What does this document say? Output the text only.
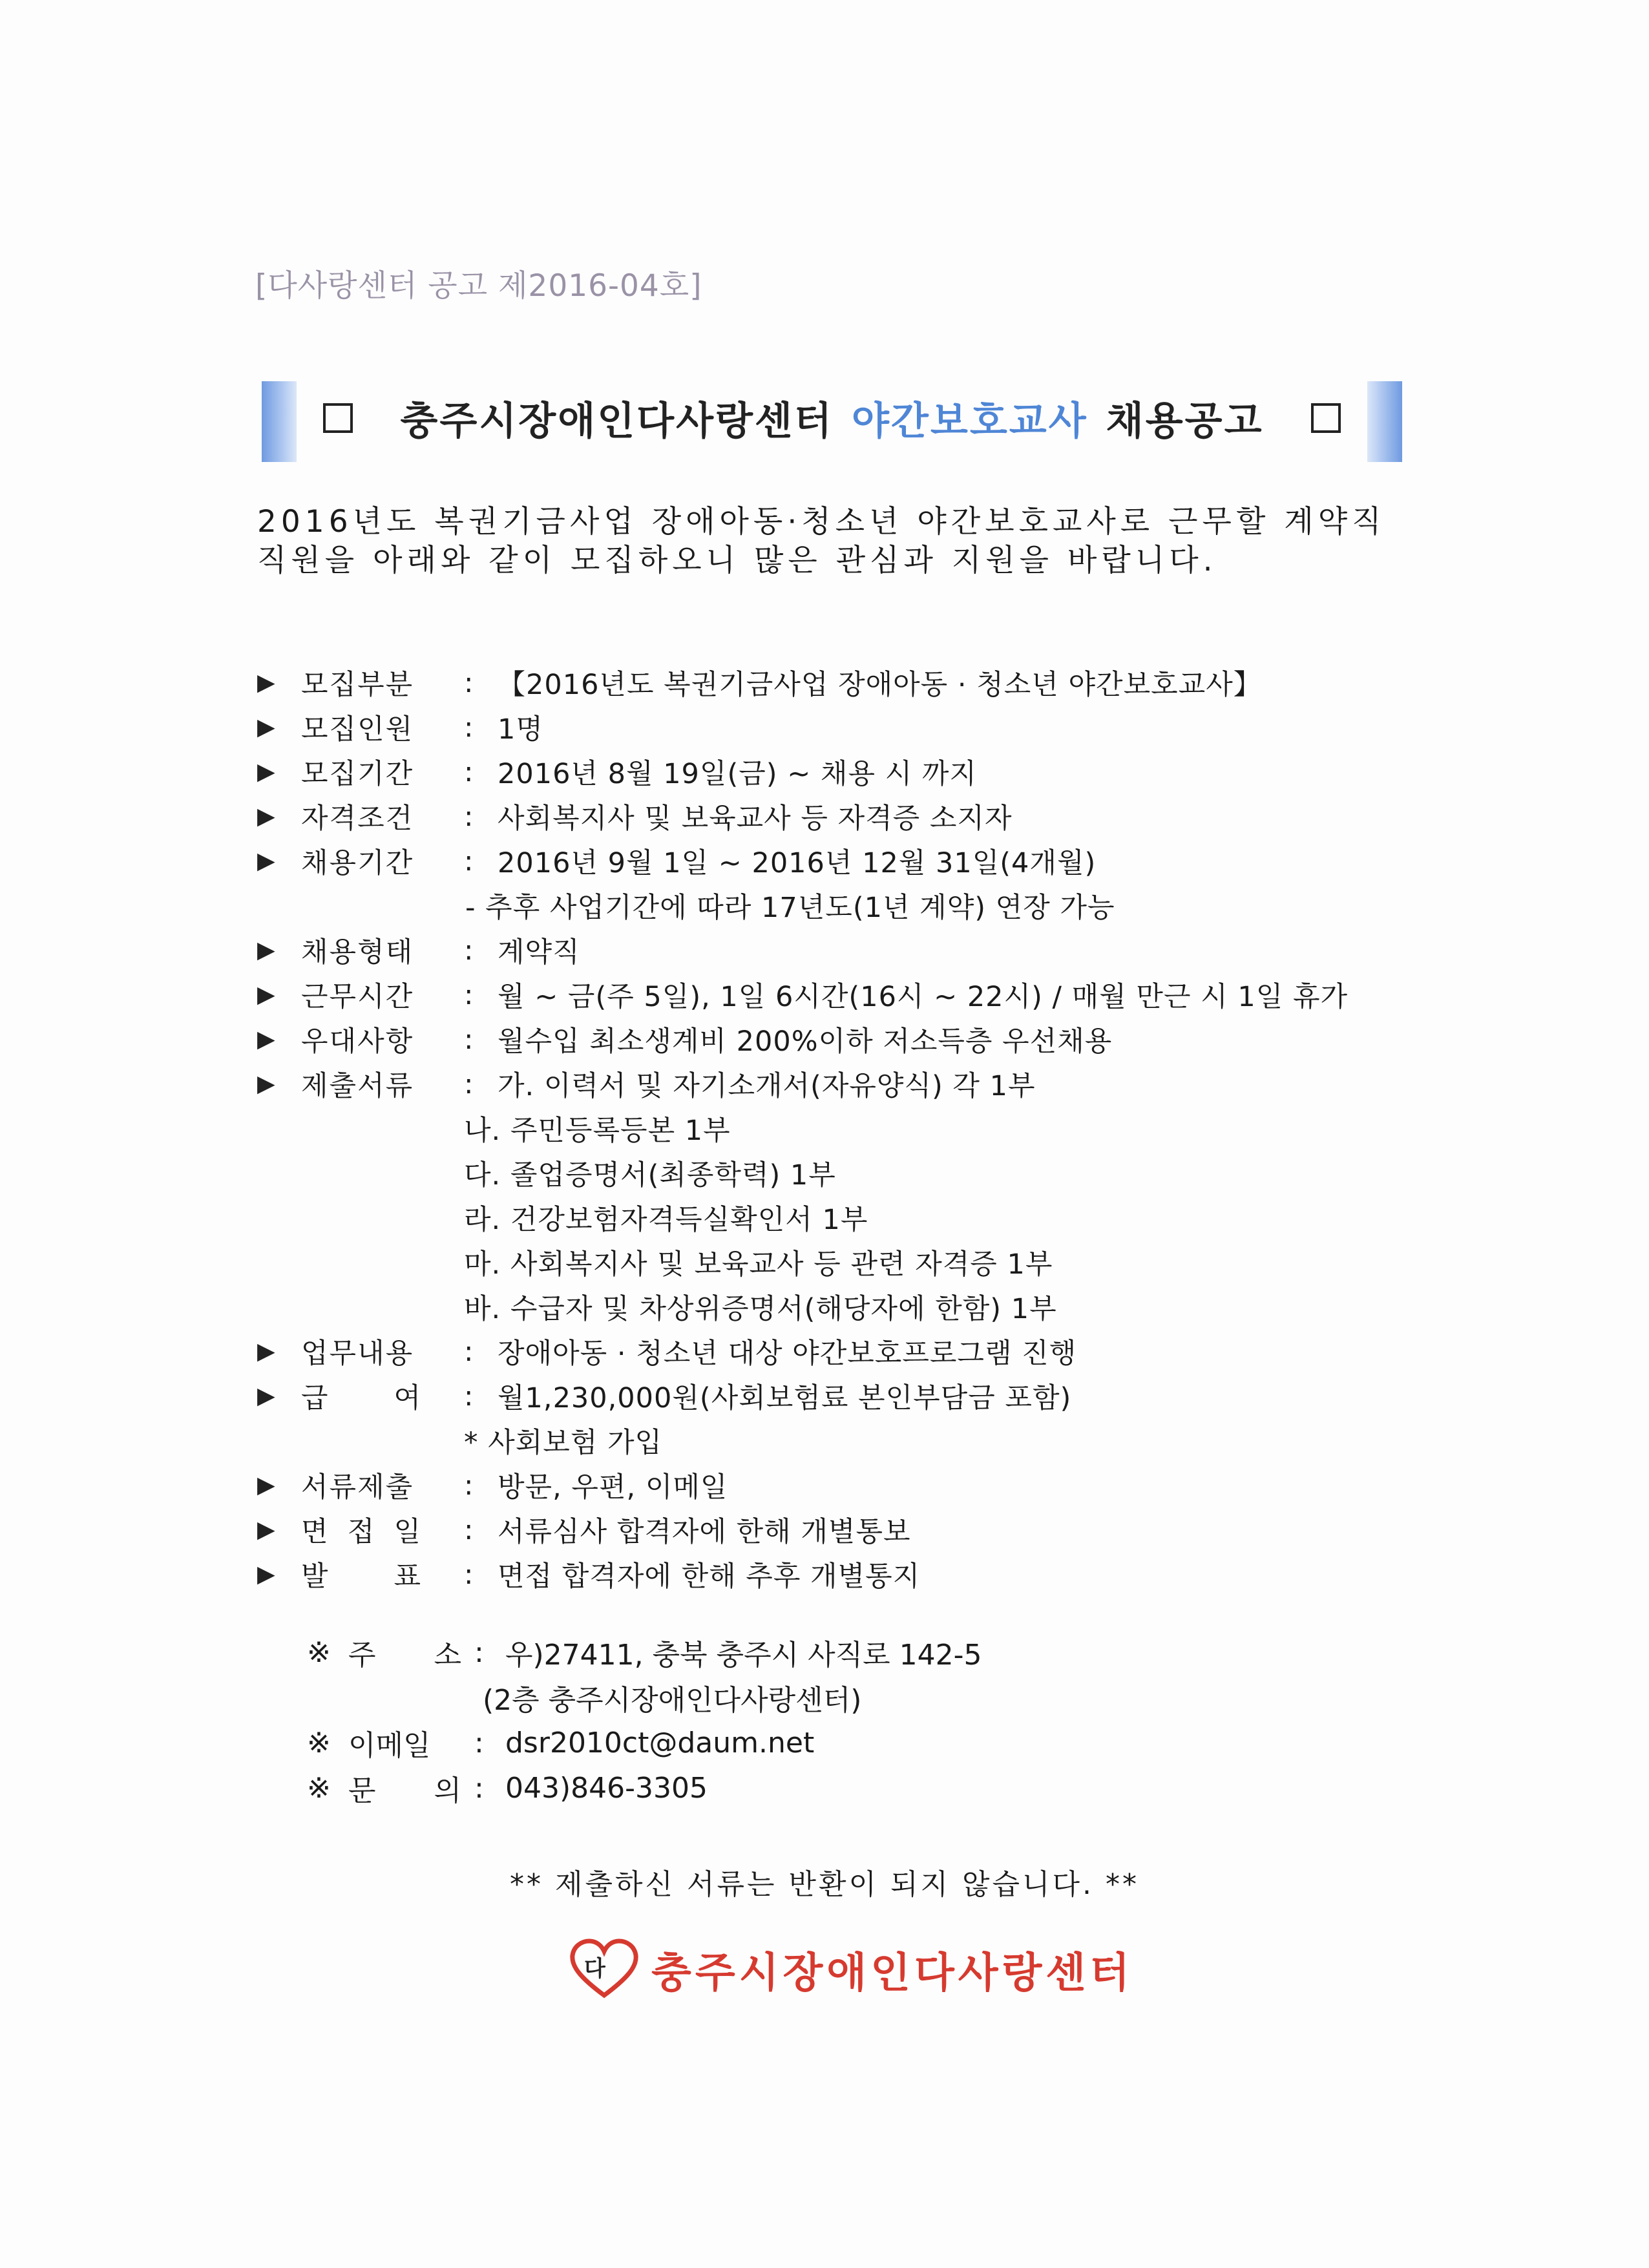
[다사랑센터 공고 제2016-04호]
충주시장애인다사랑센터 야간보호교사 채용공고
2016년도 복권기금사업 장애아동·청소년 야간보호교사로 근무할 계약직
직원을 아래와 같이 모집하오니 많은 관심과 지원을 바랍니다.
▶ 모집부분	: 【2016년도 복권기금사업 장애아동 · 청소년 야간보호교사】
▶ 모집인원	: 1명
▶ 모집기간	: 2016년 8월 19일(금) ~ 채용 시 까지
▶ 자격조건	: 사회복지사 및 보육교사 등 자격증 소지자
▶ 채용기간	: 2016년 9월 1일 ~ 2016년 12월 31일(4개월)
- 추후 사업기간에 따라 17년도(1년 계약) 연장 가능
▶ 채용형태	: 계약직
▶ 근무시간	: 월 ~ 금(주 5일), 1일 6시간(16시 ~ 22시) / 매월 만근 시 1일 휴가
▶ 우대사항	: 월수입 최소생계비 200%이하 저소득층 우선채용
▶ 제출서류	: 가. 이력서 및 자기소개서(자유양식) 각 1부
나. 주민등록등본 1부
다. 졸업증명서(최종학력) 1부
라. 건강보험자격득실확인서 1부
마. 사회복지사 및 보육교사 등 관련 자격증 1부
바. 수급자 및 차상위증명서(해당자에 한함) 1부
▶ 업무내용	: 장애아동 · 청소년 대상 야간보호프로그램 진행
▶ 급 여 : 월1,230,000원(사회보험료 본인부담금 포함)
* 사회보험 가입
▶ 서류제출	: 방문, 우편, 이메일
▶ 면 접 일 : 서류심사 합격자에 한해 개별통보
▶ 발 표 : 면접 합격자에 한해 추후 개별통지
※ 주 소 : 우)27411, 충북 충주시 사직로 142-5
(2층 충주시장애인다사랑센터)
※ 이메일	: dsr2010ct@daum.net
※ 문 의 : 043)846-3305
** 제출하신 서류는 반환이 되지 않습니다. **
다 충주시장애인다사랑센터
